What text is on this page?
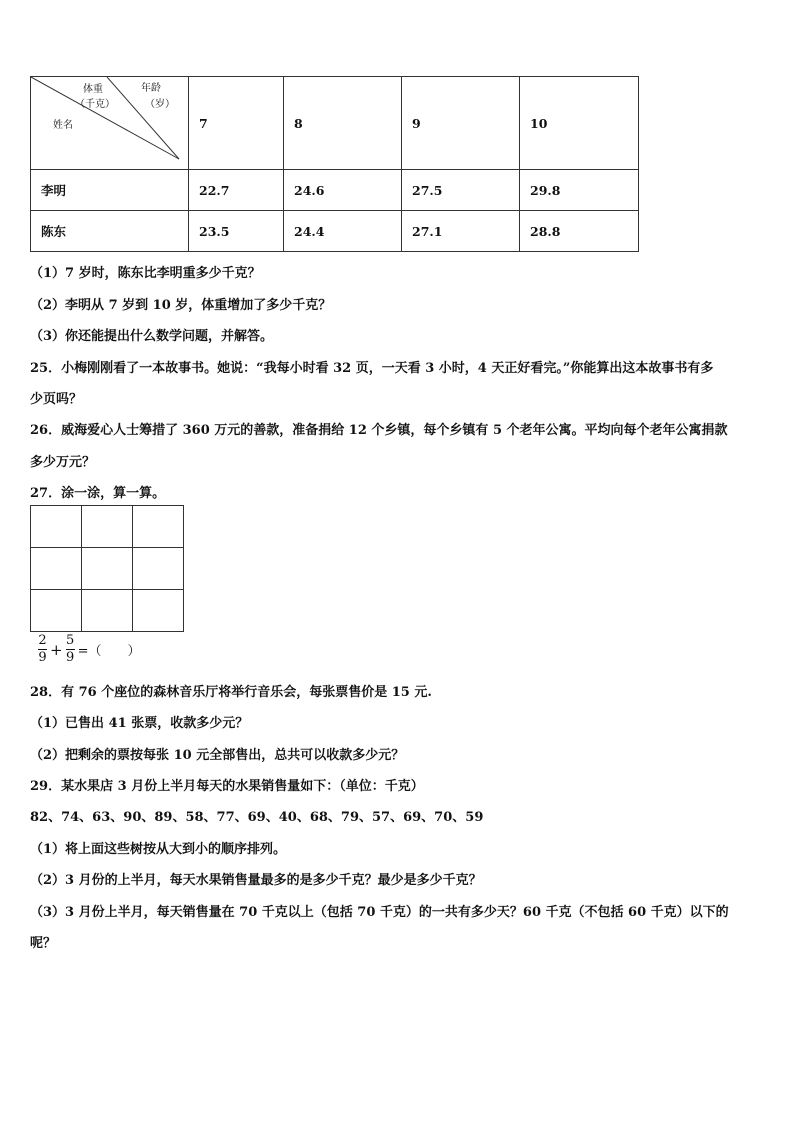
体重
（千克）
年龄
（岁）
姓名	7	8	9	10
李明	22.7	24.6	27.5	29.8
陈东	23.5	24.4	27.1	28.8
（1）7 岁时，陈东比李明重多少千克？
（2）李明从 7 岁到 10 岁，体重增加了多少千克？
（3）你还能提出什么数学问题，并解答。
25．小梅刚刚看了一本故事书。她说：“我每小时看 32 页，一天看 3 小时，4 天正好看完。”你能算出这本故事书有多
少页吗？
26．威海爱心人士筹措了 360 万元的善款，准备捐给 12 个乡镇，每个乡镇有 5 个老年公寓。平均向每个老年公寓捐款
多少万元？
27．涂一涂，算一算。
$\frac{2}{9} + \frac{5}{9}$ =（　　）
28．有 76 个座位的森林音乐厅将举行音乐会，每张票售价是 15 元.
（1）已售出 41 张票，收款多少元？
（2）把剩余的票按每张 10 元全部售出，总共可以收款多少元？
29．某水果店 3 月份上半月每天的水果销售量如下：（单位：千克）
82、74、63、90、89、58、77、69、40、68、79、57、69、70、59
（1）将上面这些树按从大到小的顺序排列。
（2）3 月份的上半月，每天水果销售量最多的是多少千克？最少是多少千克？
（3）3 月份上半月，每天销售量在 70 千克以上（包括 70 千克）的一共有多少天？60 千克（不包括 60 千克）以下的
呢？
